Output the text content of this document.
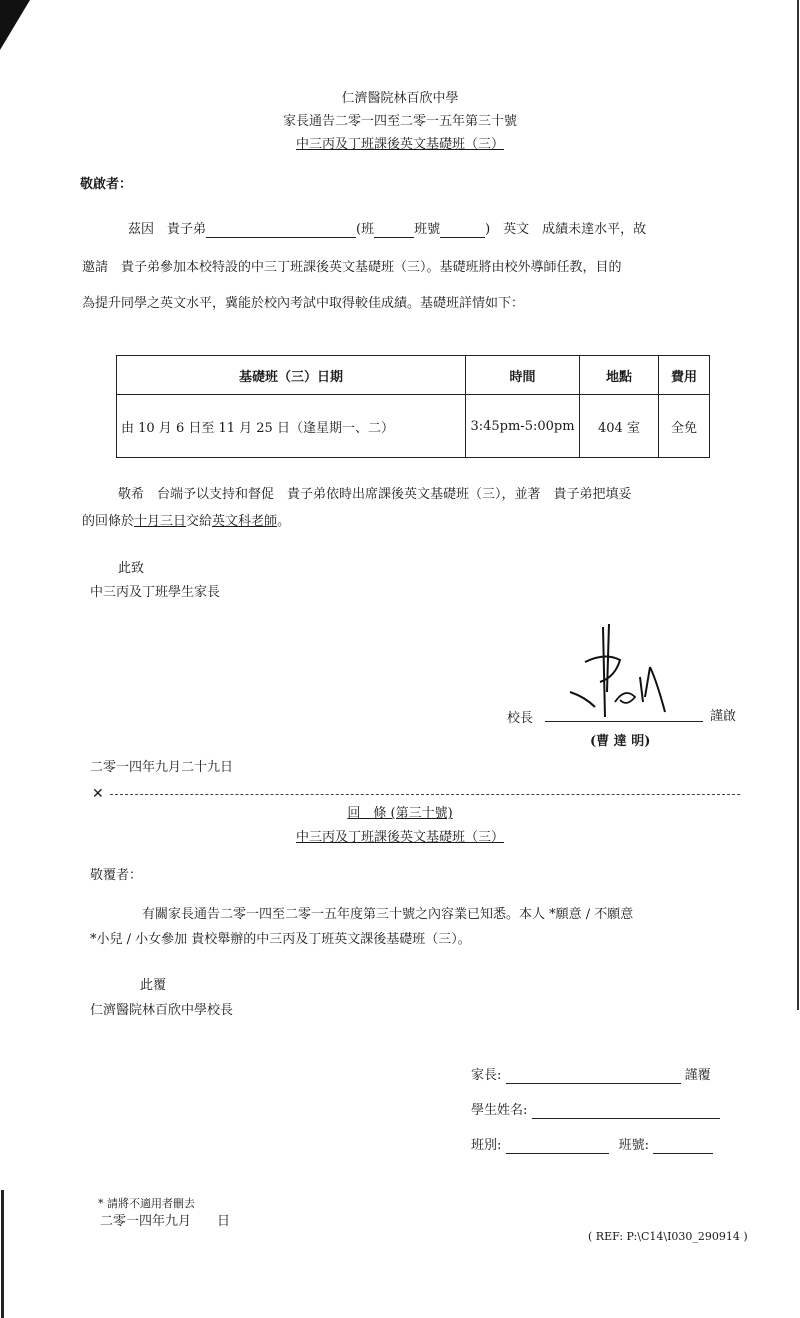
仁濟醫院林百欣中學
家長通告二零一四至二零一五年第三十號
中三丙及丁班課後英文基礎班（三）
敬啟者：
茲因　貴子弟	(班	班號	)　英文　成績未達水平，故
邀請　貴子弟參加本校特設的中三丁班課後英文基礎班（三）。基礎班將由校外導師任教，目的
為提升同學之英文水平，冀能於校內考試中取得較佳成績。基礎班詳情如下：
基礎班（三）日期	時間	地點	費用
由 10 月 6 日至 11 月 25 日（逢星期一、二）	3:45pm-5:00pm	404 室	全免
敬希　台端予以支持和督促　貴子弟依時出席課後英文基礎班（三），並著　貴子弟把填妥
的回條於十月三日交給英文科老師。
此致
中三丙及丁班學生家長
校長	謹啟
(曹 達 明)
二零一四年九月二十九日
✕
回　條 (第三十號)
中三丙及丁班課後英文基礎班（三）
敬覆者：
有關家長通告二零一四至二零一五年度第三十號之內容業已知悉。本人 *願意 / 不願意
*小兒 / 小女參加 貴校舉辦的中三丙及丁班英文課後基礎班（三）。
此覆
仁濟醫院林百欣中學校長
家長:	謹覆
學生姓名:
班別:	班號:
* 請將不適用者刪去
二零一四年九月　　日
( REF: P:\C14\I030_290914 )
